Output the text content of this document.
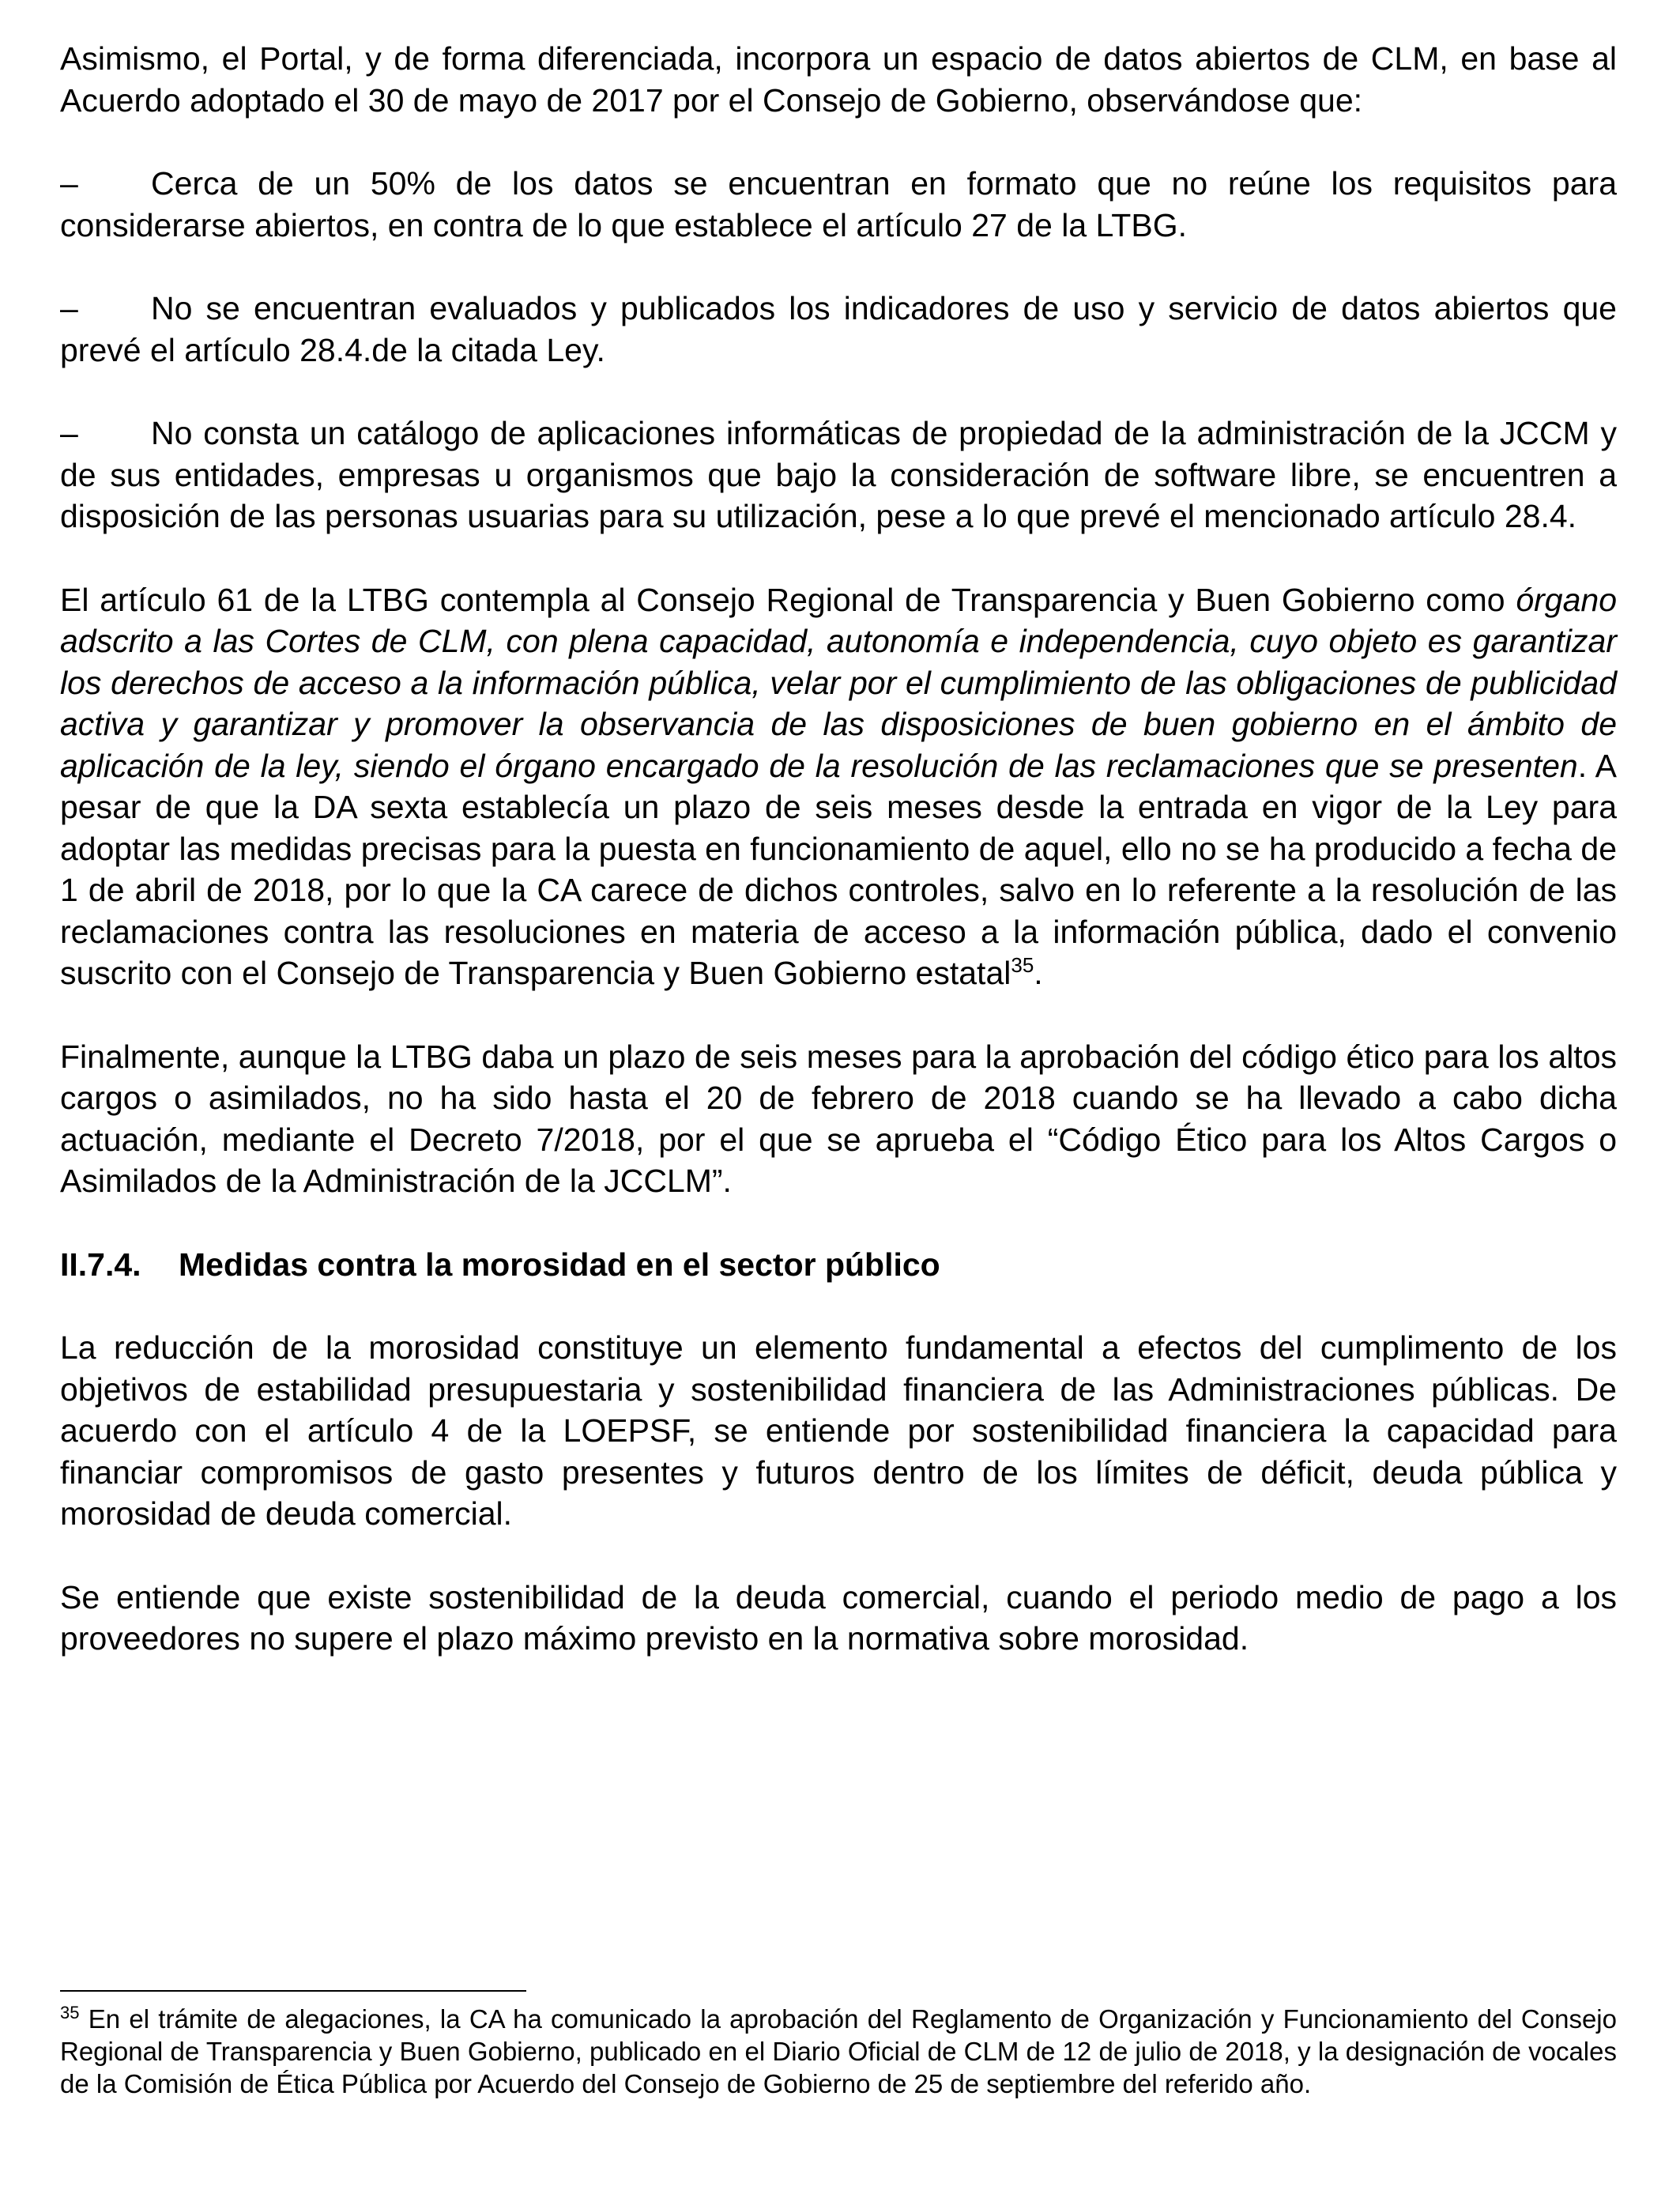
Asimismo, el Portal, y de forma diferenciada, incorpora un espacio de datos abiertos de CLM, en base al Acuerdo adoptado el 30 de mayo de 2017 por el Consejo de Gobierno, observándose que:

– Cerca de un 50% de los datos se encuentran en formato que no reúne los requisitos para considerarse abiertos, en contra de lo que establece el artículo 27 de la LTBG.

– No se encuentran evaluados y publicados los indicadores de uso y servicio de datos abiertos que prevé el artículo 28.4.de la citada Ley.

– No consta un catálogo de aplicaciones informáticas de propiedad de la administración de la JCCM y de sus entidades, empresas u organismos que bajo la consideración de software libre, se encuentren a disposición de las personas usuarias para su utilización, pese a lo que prevé el mencionado artículo 28.4.

El artículo 61 de la LTBG contempla al Consejo Regional de Transparencia y Buen Gobierno como órgano adscrito a las Cortes de CLM, con plena capacidad, autonomía e independencia, cuyo objeto es garantizar los derechos de acceso a la información pública, velar por el cumplimiento de las obligaciones de publicidad activa y garantizar y promover la observancia de las disposiciones de buen gobierno en el ámbito de aplicación de la ley, siendo el órgano encargado de la resolución de las reclamaciones que se presenten. A pesar de que la DA sexta establecía un plazo de seis meses desde la entrada en vigor de la Ley para adoptar las medidas precisas para la puesta en funcionamiento de aquel, ello no se ha producido a fecha de 1 de abril de 2018, por lo que la CA carece de dichos controles, salvo en lo referente a la resolución de las reclamaciones contra las resoluciones en materia de acceso a la información pública, dado el convenio suscrito con el Consejo de Transparencia y Buen Gobierno estatal$^{35}$.

Finalmente, aunque la LTBG daba un plazo de seis meses para la aprobación del código ético para los altos cargos o asimilados, no ha sido hasta el 20 de febrero de 2018 cuando se ha llevado a cabo dicha actuación, mediante el Decreto 7/2018, por el que se aprueba el “Código Ético para los Altos Cargos o Asimilados de la Administración de la JCCLM”.

II.7.4. Medidas contra la morosidad en el sector público

La reducción de la morosidad constituye un elemento fundamental a efectos del cumplimento de los objetivos de estabilidad presupuestaria y sostenibilidad financiera de las Administraciones públicas. De acuerdo con el artículo 4 de la LOEPSF, se entiende por sostenibilidad financiera la capacidad para financiar compromisos de gasto presentes y futuros dentro de los límites de déficit, deuda pública y morosidad de deuda comercial.

Se entiende que existe sostenibilidad de la deuda comercial, cuando el periodo medio de pago a los proveedores no supere el plazo máximo previsto en la normativa sobre morosidad.

$^{35}$ En el trámite de alegaciones, la CA ha comunicado la aprobación del Reglamento de Organización y Funcionamiento del Consejo Regional de Transparencia y Buen Gobierno, publicado en el Diario Oficial de CLM de 12 de julio de 2018, y la designación de vocales de la Comisión de Ética Pública por Acuerdo del Consejo de Gobierno de 25 de septiembre del referido año.
